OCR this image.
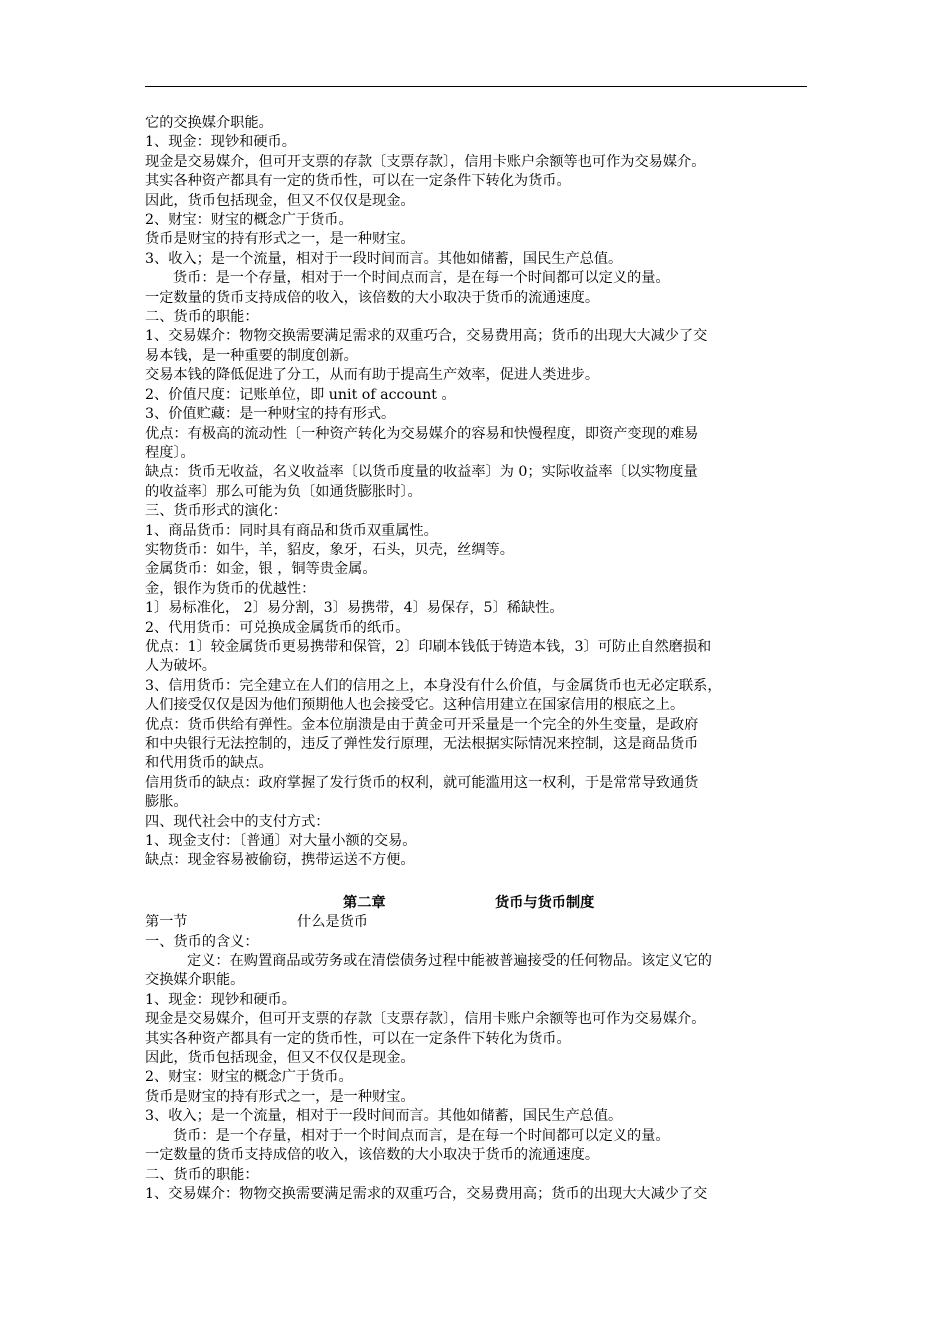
它的交换媒介职能。

1、现金：现钞和硬币。

现金是交易媒介，但可开支票的存款〔支票存款〕，信用卡账户余额等也可作为交易媒介。

其实各种资产都具有一定的货币性，可以在一定条件下转化为货币。

因此，货币包括现金，但又不仅仅是现金。

2、财宝：财宝的概念广于货币。

货币是财宝的持有形式之一，是一种财宝。

3、收入；是一个流量，相对于一段时间而言。其他如储蓄，国民生产总值。

货币：是一个存量，相对于一个时间点而言，是在每一个时间都可以定义的量。

一定数量的货币支持成倍的收入，该倍数的大小取决于货币的流通速度。

二、货币的职能：

1、交易媒介：物物交换需要满足需求的双重巧合，交易费用高；货币的出现大大减少了交

易本钱，是一种重要的制度创新。

交易本钱的降低促进了分工，从而有助于提高生产效率，促进人类进步。

2、价值尺度：记账单位，即 unit of account 。

3、价值贮藏：是一种财宝的持有形式。

优点：有极高的流动性〔一种资产转化为交易媒介的容易和快慢程度，即资产变现的难易

程度〕。

缺点：货币无收益，名义收益率〔以货币度量的收益率〕为 0；实际收益率〔以实物度量

的收益率〕那么可能为负〔如通货膨胀时〕。

三、货币形式的演化：

1、商品货币：同时具有商品和货币双重属性。

实物货币：如牛，羊，貂皮，象牙，石头，贝壳，丝绸等。

金属货币：如金，银 ，铜等贵金属。

金，银作为货币的优越性：

1〕易标准化， 2〕易分割，3〕易携带，4〕易保存，5〕稀缺性。

2、代用货币：可兑换成金属货币的纸币。

优点：1〕较金属货币更易携带和保管，2〕印刷本钱低于铸造本钱，3〕可防止自然磨损和

人为破坏。

3、信用货币：完全建立在人们的信用之上，本身没有什么价值，与金属货币也无必定联系，

人们接受仅仅是因为他们预期他人也会接受它。这种信用建立在国家信用的根底之上。

优点：货币供给有弹性。金本位崩溃是由于黄金可开采量是一个完全的外生变量，是政府

和中央银行无法控制的，违反了弹性发行原理，无法根据实际情况来控制，这是商品货币

和代用货币的缺点。

信用货币的缺点：政府掌握了发行货币的权利，就可能滥用这一权利，于是常常导致通货

膨胀。

四、现代社会中的支付方式：

1、现金支付：〔普通〕对大量小额的交易。

缺点：现金容易被偷窃，携带运送不方便。

第二章	货币与货币制度
第一节	什么是货币

一、货币的含义：

定义：在购置商品或劳务或在清偿债务过程中能被普遍接受的任何物品。该定义它的

交换媒介职能。

1、现金：现钞和硬币。

现金是交易媒介，但可开支票的存款〔支票存款〕，信用卡账户余额等也可作为交易媒介。

其实各种资产都具有一定的货币性，可以在一定条件下转化为货币。

因此，货币包括现金，但又不仅仅是现金。

2、财宝：财宝的概念广于货币。

货币是财宝的持有形式之一，是一种财宝。

3、收入；是一个流量，相对于一段时间而言。其他如储蓄，国民生产总值。

货币：是一个存量，相对于一个时间点而言，是在每一个时间都可以定义的量。

一定数量的货币支持成倍的收入，该倍数的大小取决于货币的流通速度。

二、货币的职能：

1、交易媒介：物物交换需要满足需求的双重巧合，交易费用高；货币的出现大大减少了交
